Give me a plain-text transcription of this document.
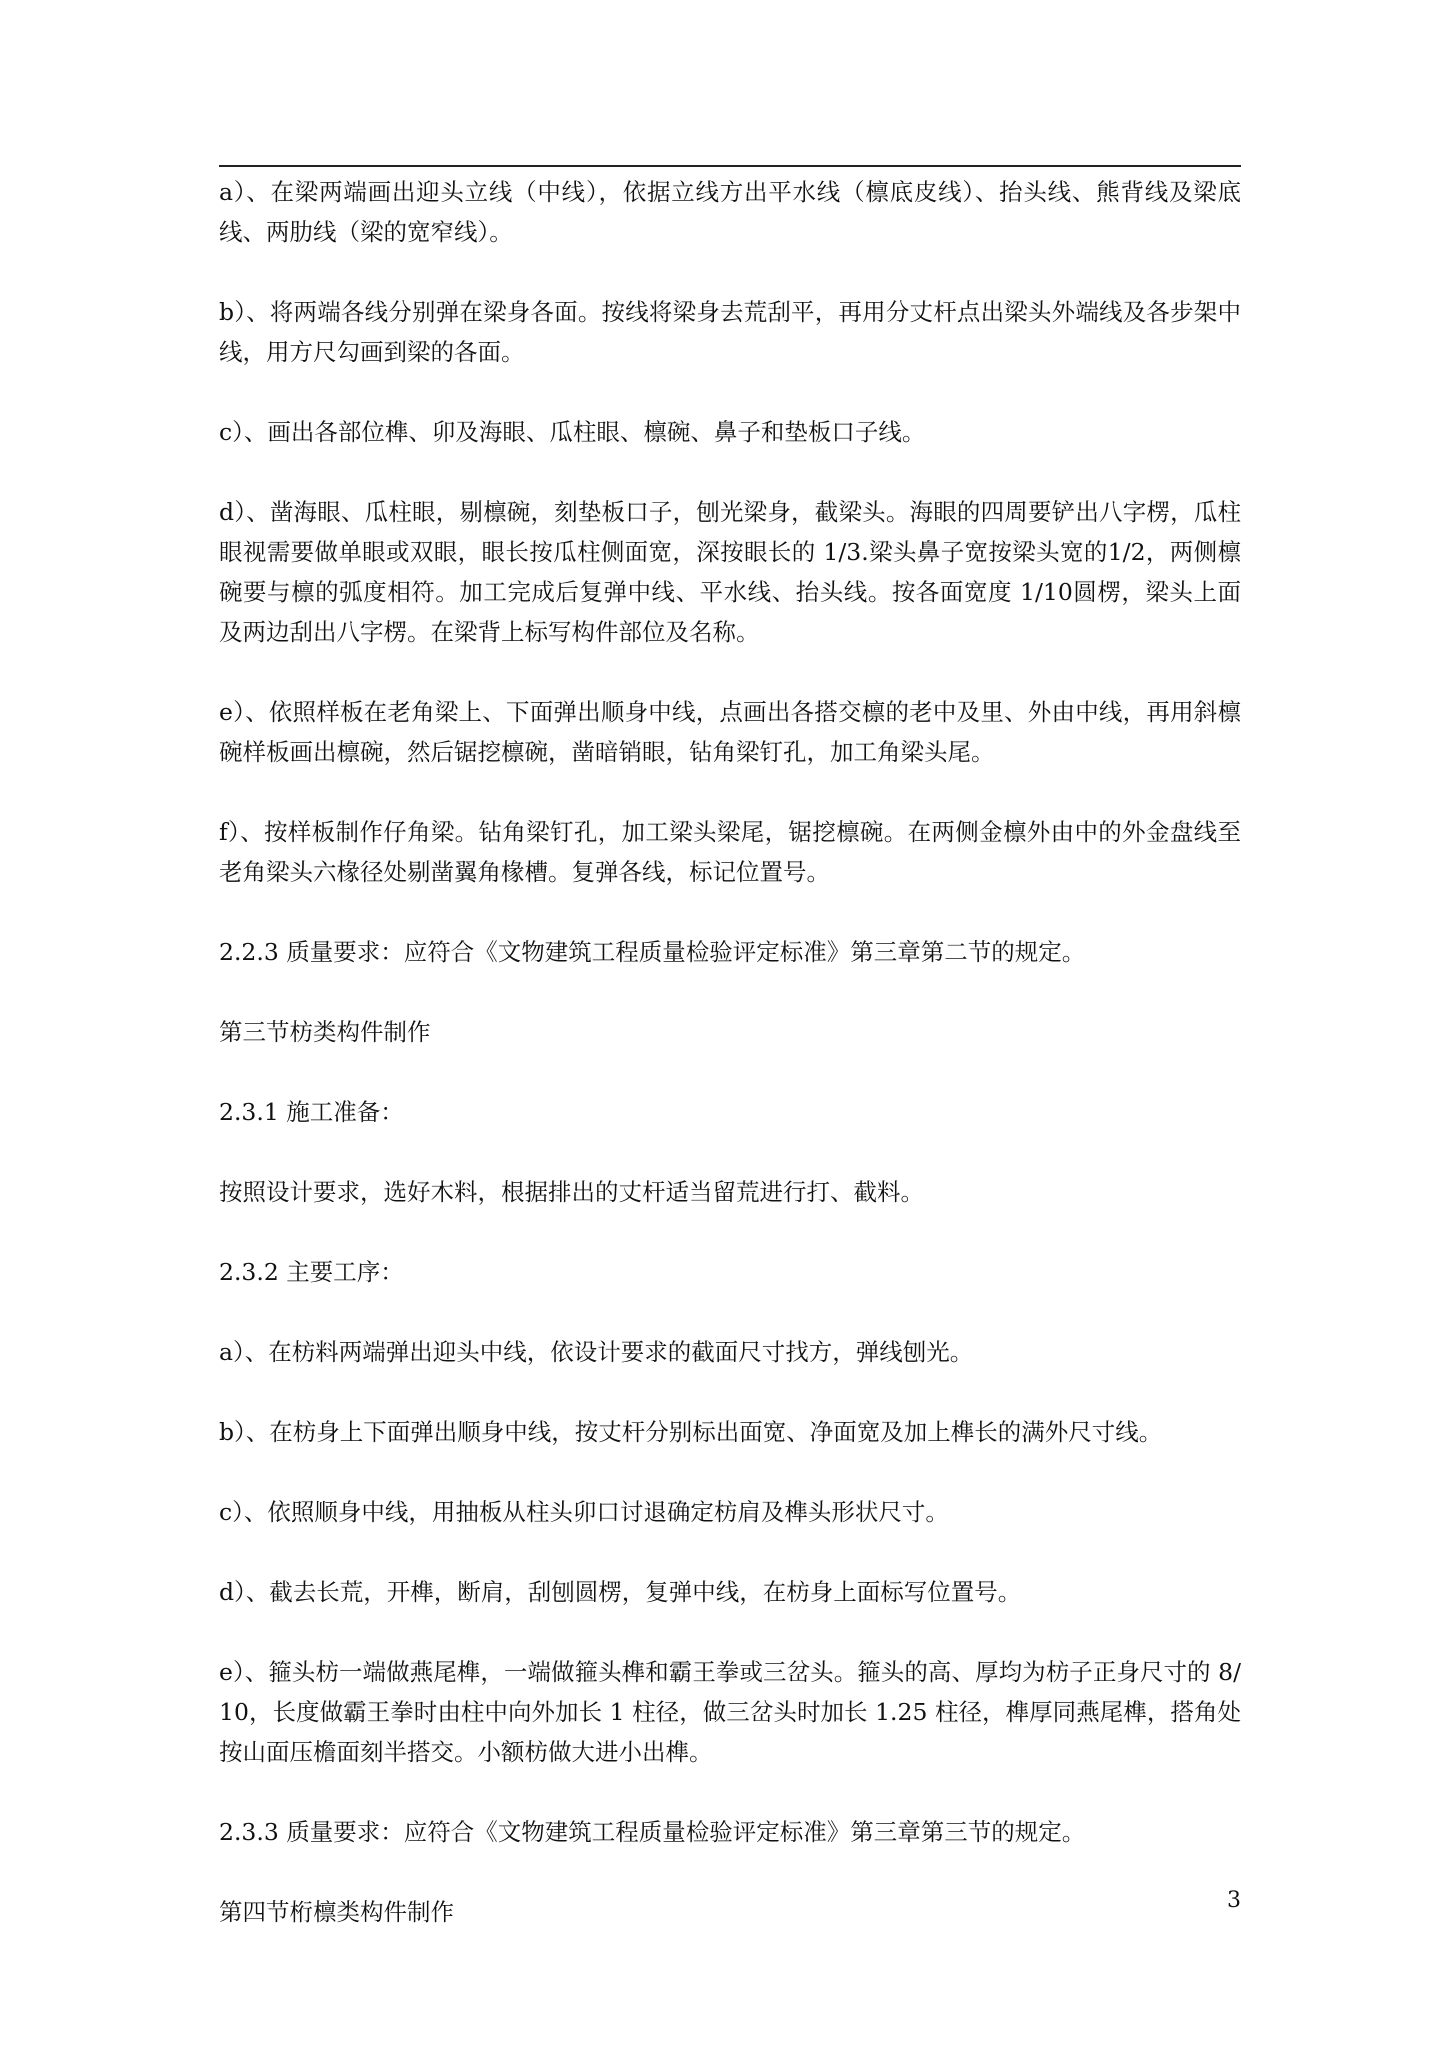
a）、在梁两端画出迎头立线（中线），依据立线方出平水线（檩底皮线）、抬头线、熊背线及梁底线、两肋线（梁的宽窄线）。

b）、将两端各线分别弹在梁身各面。按线将梁身去荒刮平，再用分丈杆点出梁头外端线及各步架中线，用方尺勾画到梁的各面。

c）、画出各部位榫、卯及海眼、瓜柱眼、檩碗、鼻子和垫板口子线。

d）、凿海眼、瓜柱眼，剔檩碗，刻垫板口子，刨光梁身，截梁头。海眼的四周要铲出八字楞，瓜柱眼视需要做单眼或双眼，眼长按瓜柱侧面宽，深按眼长的 1/3.梁头鼻子宽按梁头宽的1/2，两侧檩碗要与檩的弧度相符。加工完成后复弹中线、平水线、抬头线。按各面宽度 1/10圆楞，梁头上面及两边刮出八字楞。在梁背上标写构件部位及名称。

e）、依照样板在老角梁上、下面弹出顺身中线，点画出各搭交檩的老中及里、外由中线，再用斜檩碗样板画出檩碗，然后锯挖檩碗，凿暗销眼，钻角梁钉孔，加工角梁头尾。

f）、按样板制作仔角梁。钻角梁钉孔，加工梁头梁尾，锯挖檩碗。在两侧金檩外由中的外金盘线至老角梁头六椽径处剔凿翼角椽槽。复弹各线，标记位置号。

2.2.3 质量要求：应符合《文物建筑工程质量检验评定标准》第三章第二节的规定。

第三节枋类构件制作

2.3.1 施工准备：

按照设计要求，选好木料，根据排出的丈杆适当留荒进行打、截料。

2.3.2 主要工序：

a）、在枋料两端弹出迎头中线，依设计要求的截面尺寸找方，弹线刨光。

b）、在枋身上下面弹出顺身中线，按丈杆分别标出面宽、净面宽及加上榫长的满外尺寸线。

c）、依照顺身中线，用抽板从柱头卯口讨退确定枋肩及榫头形状尺寸。

d）、截去长荒，开榫，断肩，刮刨圆楞，复弹中线，在枋身上面标写位置号。

e）、箍头枋一端做燕尾榫，一端做箍头榫和霸王拳或三岔头。箍头的高、厚均为枋子正身尺寸的 8/10，长度做霸王拳时由柱中向外加长 1 柱径，做三岔头时加长 1.25 柱径，榫厚同燕尾榫，搭角处按山面压檐面刻半搭交。小额枋做大进小出榫。

2.3.3 质量要求：应符合《文物建筑工程质量检验评定标准》第三章第三节的规定。

第四节桁檩类构件制作	3
